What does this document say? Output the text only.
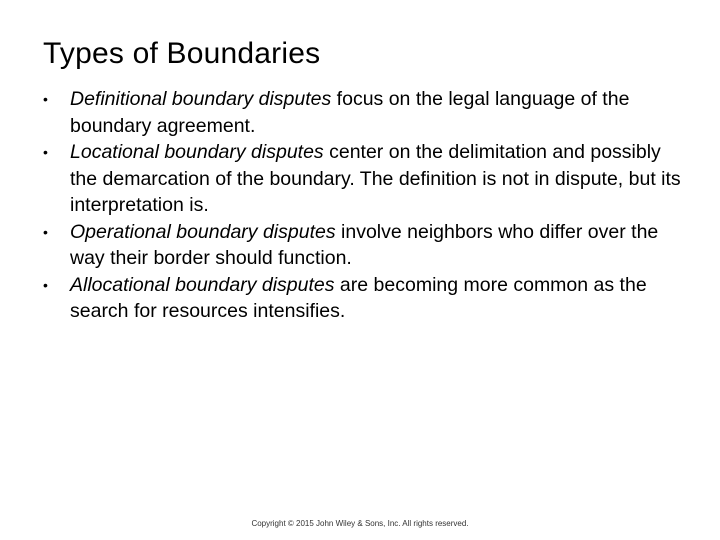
Types of Boundaries
• Definitional boundary disputes focus on the legal language of the boundary agreement.
• Locational boundary disputes center on the delimitation and possibly the demarcation of the boundary. The definition is not in dispute, but its interpretation is.
• Operational boundary disputes involve neighbors who differ over the way their border should function.
• Allocational boundary disputes are becoming more common as the search for resources intensifies.
Copyright © 2015 John Wiley & Sons, Inc. All rights reserved.
